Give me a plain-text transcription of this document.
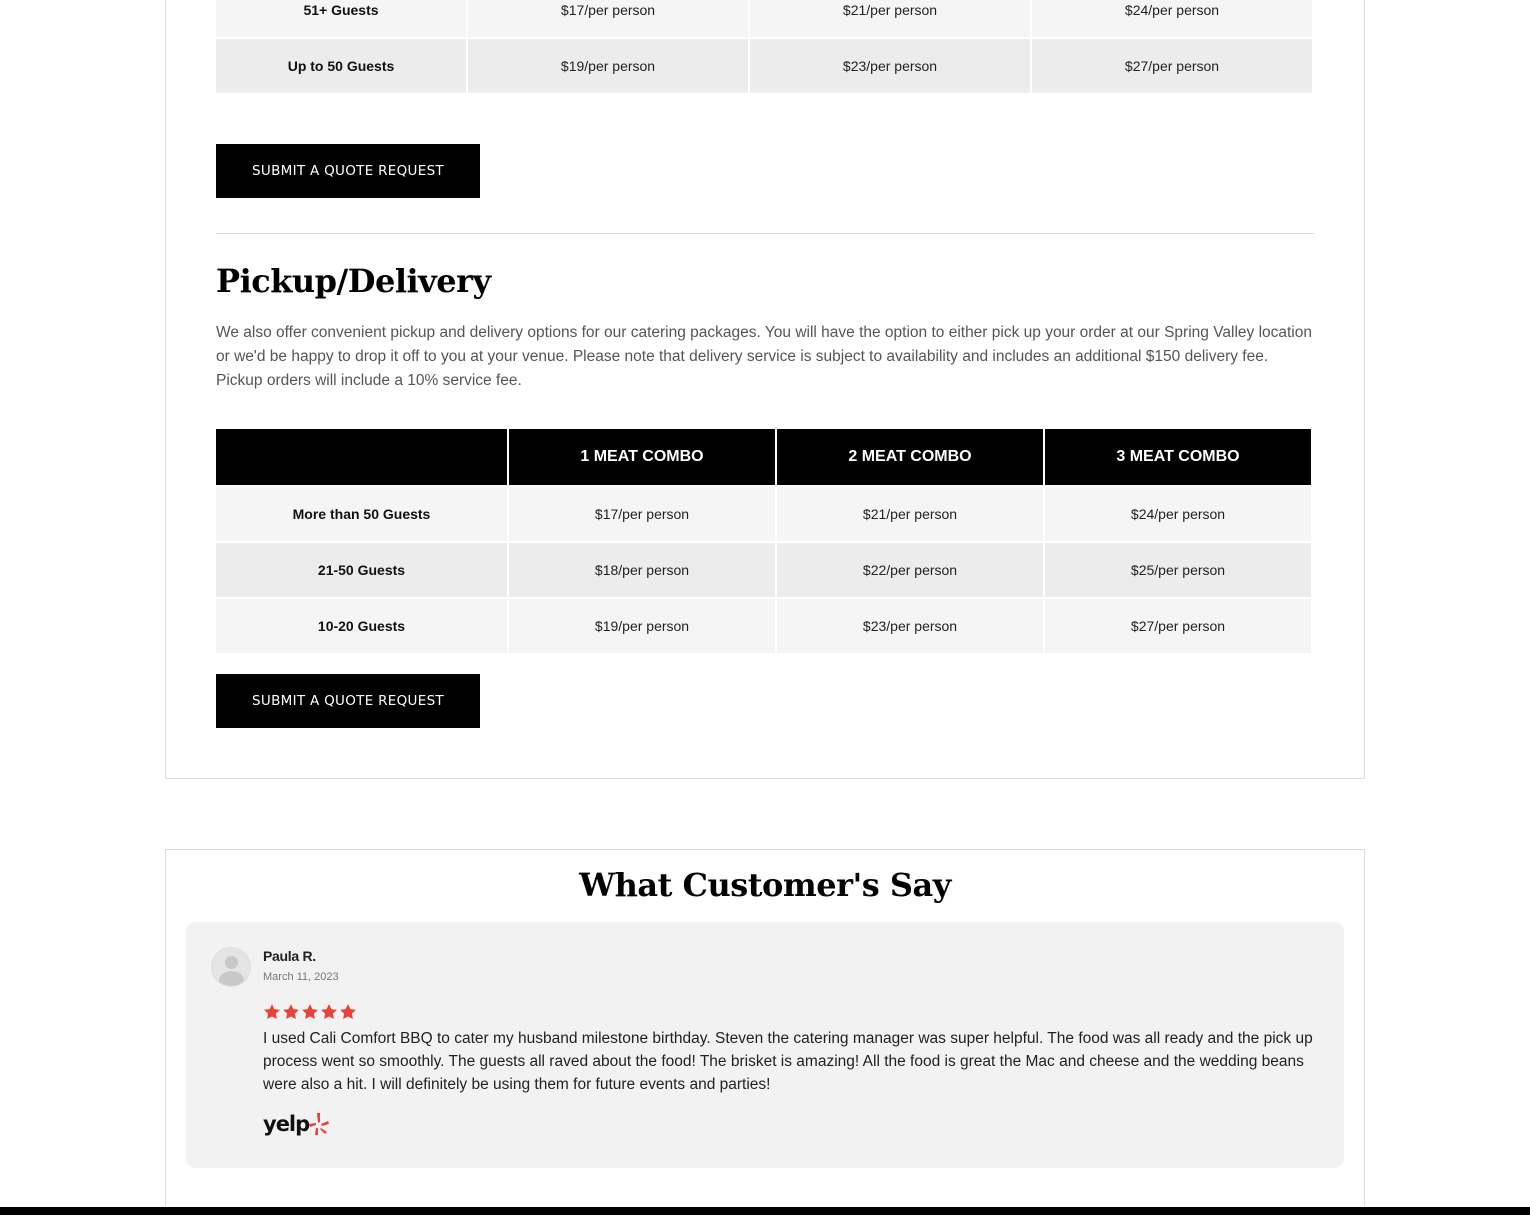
51+ Guests	$17/per person	$21/per person	$24/per person
Up to 50 Guests	$19/per person	$23/per person	$27/per person
SUBMIT A QUOTE REQUEST
Pickup/Delivery

We also offer convenient pickup and delivery options for our catering packages. You will have the option to either pick up your order at our Spring Valley location or we'd be happy to drop it off to you at your venue. Please note that delivery service is subject to availability and includes an additional $150 delivery fee. Pickup orders will include a 10% service fee.

	1 MEAT COMBO	2 MEAT COMBO	3 MEAT COMBO
More than 50 Guests	$17/per person	$21/per person	$24/per person
21-50 Guests	$18/per person	$22/per person	$25/per person
10-20 Guests	$19/per person	$23/per person	$27/per person
SUBMIT A QUOTE REQUEST
What Customer's Say
Paula R.
March 11, 2023

I used Cali Comfort BBQ to cater my husband milestone birthday. Steven the catering manager was super helpful. The food was all ready and the pick up process went so smoothly. The guests all raved about the food! The brisket is amazing! All the food is great the Mac and cheese and the wedding beans were also a hit. I will definitely be using them for future events and parties!

yelp
